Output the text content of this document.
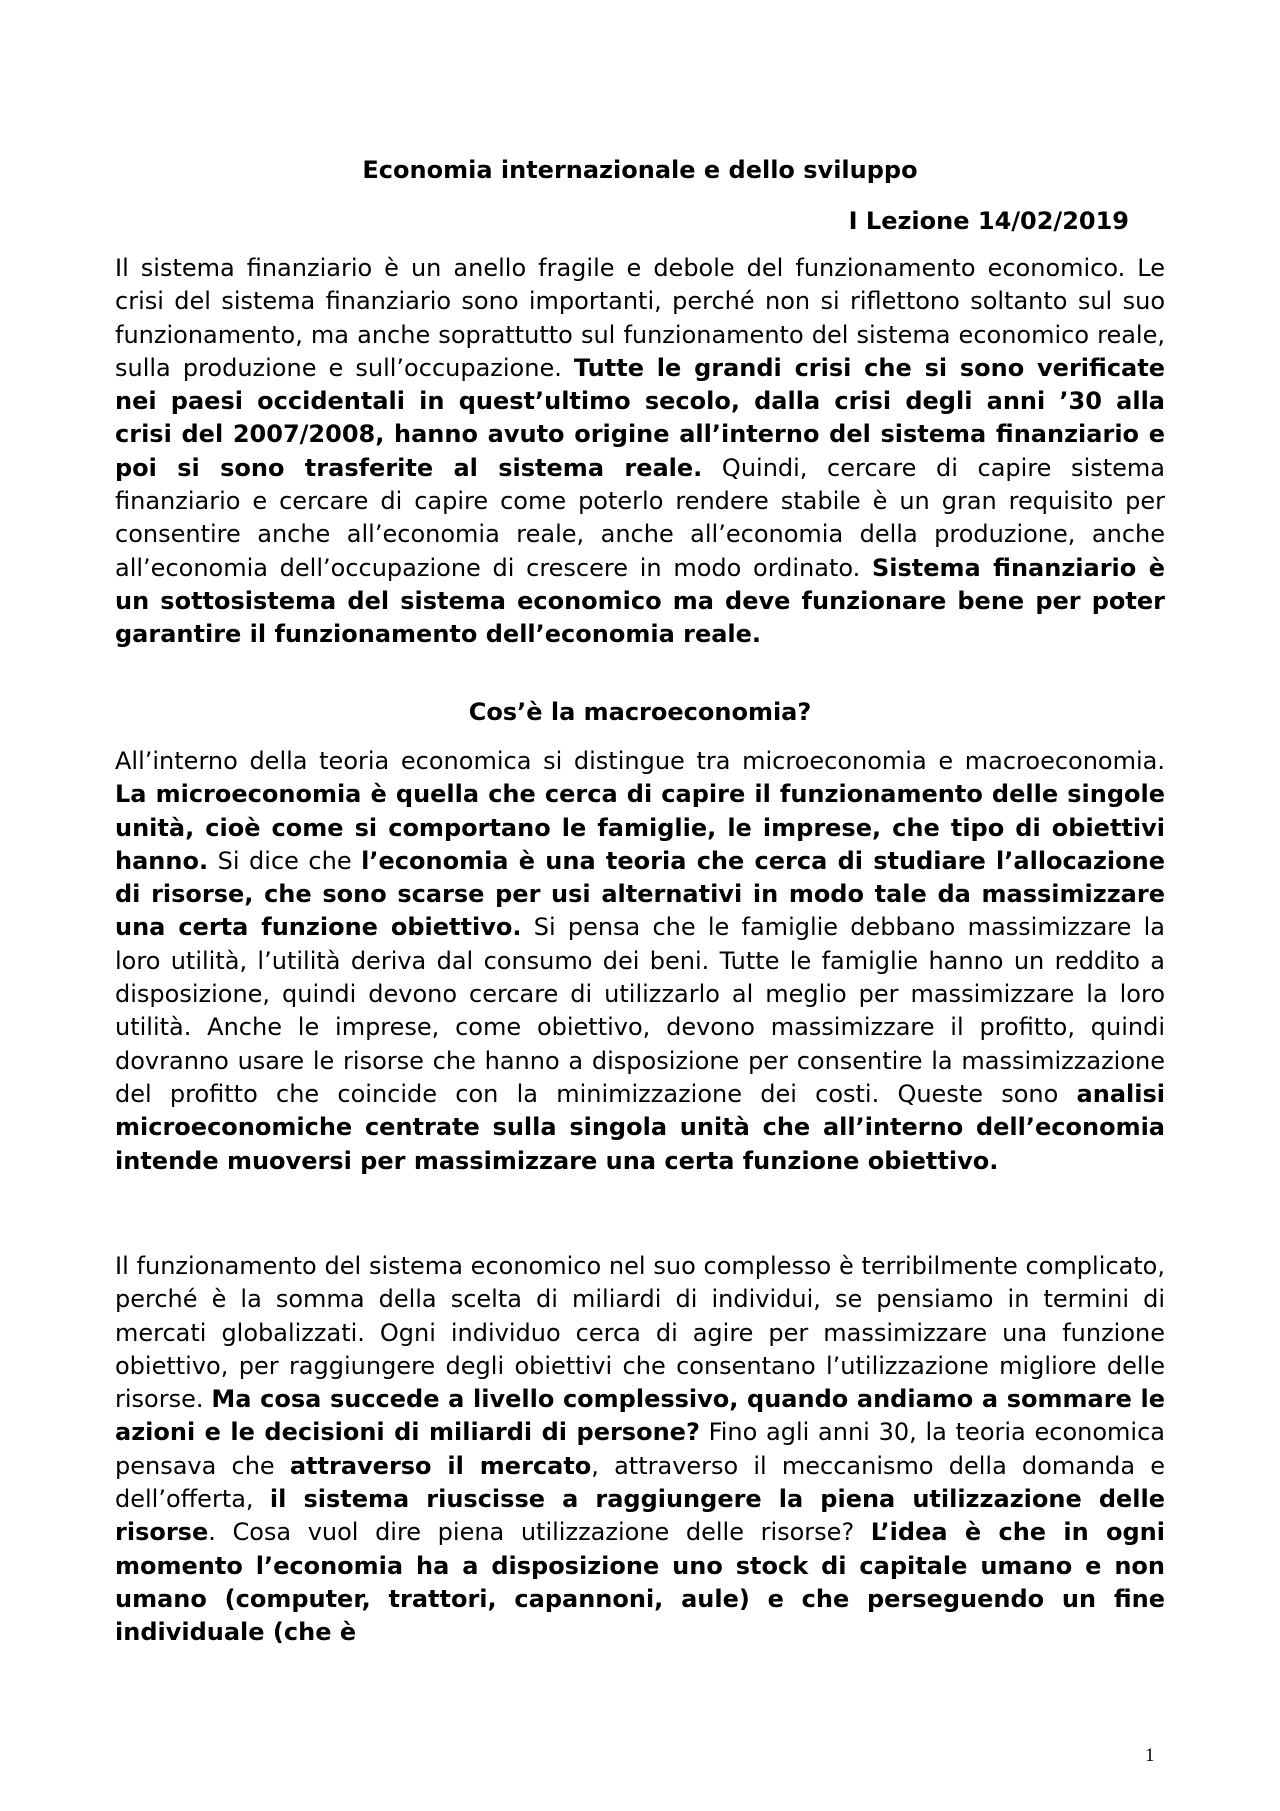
Economia internazionale e dello sviluppo
I Lezione 14/02/2019

Il sistema finanziario è un anello fragile e debole del funzionamento economico. Le crisi del sistema finanziario sono importanti, perché non si riflettono soltanto sul suo funzionamento, ma anche soprattutto sul funzionamento del sistema economico reale, sulla produzione e sull’occupazione. Tutte le grandi crisi che si sono verificate nei paesi occidentali in quest’ultimo secolo, dalla crisi degli anni ’30 alla crisi del 2007/2008, hanno avuto origine all’interno del sistema finanziario e poi si sono trasferite al sistema reale. Quindi, cercare di capire sistema finanziario e cercare di capire come poterlo rendere stabile è un gran requisito per consentire anche all’economia reale, anche all’economia della produzione, anche all’economia dell’occupazione di crescere in modo ordinato. Sistema finanziario è un sottosistema del sistema economico ma deve funzionare bene per poter garantire il funzionamento dell’economia reale.

Cos’è la macroeconomia?

All’interno della teoria economica si distingue tra microeconomia e macroeconomia. La microeconomia è quella che cerca di capire il funzionamento delle singole unità, cioè come si comportano le famiglie, le imprese, che tipo di obiettivi hanno. Si dice che l’economia è una teoria che cerca di studiare l’allocazione di risorse, che sono scarse per usi alternativi in modo tale da massimizzare una certa funzione obiettivo. Si pensa che le famiglie debbano massimizzare la loro utilità, l’utilità deriva dal consumo dei beni. Tutte le famiglie hanno un reddito a disposizione, quindi devono cercare di utilizzarlo al meglio per massimizzare la loro utilità. Anche le imprese, come obiettivo, devono massimizzare il profitto, quindi dovranno usare le risorse che hanno a disposizione per consentire la massimizzazione del profitto che coincide con la minimizzazione dei costi. Queste sono analisi microeconomiche centrate sulla singola unità che all’interno dell’economia intende muoversi per massimizzare una certa funzione obiettivo.

Il funzionamento del sistema economico nel suo complesso è terribilmente complicato, perché è la somma della scelta di miliardi di individui, se pensiamo in termini di mercati globalizzati. Ogni individuo cerca di agire per massimizzare una funzione obiettivo, per raggiungere degli obiettivi che consentano l’utilizzazione migliore delle risorse. Ma cosa succede a livello complessivo, quando andiamo a sommare le azioni e le decisioni di miliardi di persone? Fino agli anni 30, la teoria economica pensava che attraverso il mercato, attraverso il meccanismo della domanda e dell’offerta, il sistema riuscisse a raggiungere la piena utilizzazione delle risorse. Cosa vuol dire piena utilizzazione delle risorse? L’idea è che in ogni momento l’economia ha a disposizione uno stock di capitale umano e non umano (computer, trattori, capannoni, aule) e che perseguendo un fine individuale (che è

1
